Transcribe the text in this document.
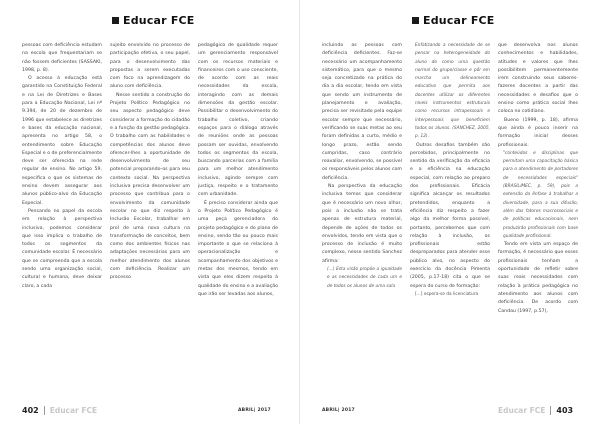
Educar FCE

pessoas com deficiência estudam na escola que frequentariam se não fossem deficientes (SASSAKI, 1998, p. 8).

O acesso à educação está garantido na Constituição Federal e na Lei de Diretrizes e Bases para a Educação Nacional, Lei nº 9.394, de 20 de dezembro de 1996 que estabelece as diretrizes e bases da educação nacional, apresenta no artigo 58, o entendimento sobre Educação Especial e o de preferencialmente deve ser oferecida na rede regular de ensino. No artigo 59, especifica o que os sistemas de ensino devem assegurar aos alunos público-alvo da Educação Especial.

Pensando no papel da escola em relação à perspectiva inclusiva, podemos considerar que isso implica o trabalho de todos os segmentos da comunidade escolar. É necessário que se compreenda que a escola sendo uma organização social, cultural e humana, deve deixar claro, a cada

sujeito envolvido no processo de participação efetiva, o seu papel, para o desenvolvimento das propostas a serem executadas com foco na aprendizagem do aluno com deficiência.

Nesse sentido a construção do Projeto Político Pedagógico no seu aspecto pedagógico deve considerar a formação do cidadão e a função da gestão pedagógica. O trabalho com as habilidades e competências dos alunos deve oferecer-lhes a oportunidade de desenvolvimento de seu potencial preparando-os para seu contexto social. Na perspectiva inclusiva precisa desenvolver um processo que contribua para o envolvimento da comunidade escolar no que diz respeito à Inclusão Escolar, trabalhar em prol de uma nova cultura na transformação de conceitos, bem como dos ambientes físicos nas adaptações necessárias para um melhor atendimento dos alunos com deficiência. Realizar um processo

pedagógico de qualidade requer um gerenciamento responsável com os recursos materiais e financeiros com o uso consciente, de acordo com as reais necessidades da escola, interagindo com as demais dimensões da gestão escolar. Possibilitar o desenvolvimento do trabalho coletivo, criando espaços para o diálogo através de reuniões onde as pessoas possam ser ouvidas, envolvendo todos os segmentos da escola, buscando parcerias com a família para um melhor atendimento inclusivo, agindo sempre com justiça, respeito e o tratamento com urbanidade.

É preciso considerar ainda que o Projeto Político Pedagógico é uma peça gerenciadora do projeto pedagógico e do plano de ensino, sendo tão ou pouco mais importante o que se relaciona à operacionalização e acompanhamento dos objetivos e metas dos mesmos, tendo em vista que eles dizem respeito à qualidade do ensino e a avaliação que irão ser levadas aos alunos,

402 Educar FCE	ABRIL| 2017
Educar FCE

incluindo as pessoas com deficiência deficientes. Faz-se necessário um acompanhamento sistemático, para que o mesmo seja concretizado na prática do dia a dia escolar, tendo em vista que sendo um instrumento de planejamento e avaliação, precisa ser revisitado pela equipe escolar sempre que necessário, verificando se suas metas ao seu foram definidas a curto, médio e longo prazo, estão sendo cumpridas, caso contrário reavaliar, envolvendo, se possível os responsáveis pelos alunos com deficiência.

Na perspectiva da educação inclusiva temos que considerar que é necessário um novo olhar, pois a inclusão não se trata apenas de estrutura material, depende de ações de todos os envolvidos, tendo em vista que o processo de inclusão é muito complexo, nesse sentido Sanchez afirma:

(...) Esta visão propõe a igualdade e as necessidades de cada um e de todos os alunos de uma sala

Enfatizando a necessidade de se pensar na heterogeneidade do aluno do como uma questão normal do grupo/classe e pôr em marcha um delineamento educativo que permita aos docentes utilizar os diferentes níveis instrumentos estruturais como recursos intrapessoais e interpessoais que beneficiem todos os alunos. (SANCHEZ, 2005, p. 12).

Outros desafios também são percebidos, principalmente no sentido da verificação da eficácia e a eficiência na educação especial, com relação ao preparo dos profissionais. Eficácia significa alcançar os resultados pretendidos, enquanto a eficiência diz respeito a fazer algo da melhor forma possível, portanto, percebemos que com relação à inclusão, os profissionais estão despreparados para atender esse público alvo, no aspecto do exercício da docência Pimenta (2005, p.17-18) cita o que se espera do curso de formação:

[...] espera-se da licenciatura

que desenvolva nos alunos conhecimentos e habilidades, atitudes e valores que lhes possibilitem permanentemente irem construindo seus saberes-fazeres docentes a partir das necessidades e desafios que o ensino como prática social lhes coloca no cotidiano.

Bueno (1999, p. 18), afirma que ainda é pouco inserir na formação inicial desses profissionais.

"conteúdos e disciplinas que permitam uma capacitação básica para o atendimento de portadores de necessidades especiais" (BRASIL/MEC, p. 59), pois a extensão da ênfase à trabalhar a diversidade, para a sua difusão, além das fatores macrossociais e de políticas educacionais, nem produzirão profissionais com base qualidade profissional.

Tendo em vista um espaço de formação, é necessário que esses profissionais tenham a oportunidade de refletir sobre suas reais necessidades com relação à prática pedagógica no atendimento aos alunos com deficiência. De acordo com Candau (1997, p.57),

ABRIL| 2017	Educar FCE 403
